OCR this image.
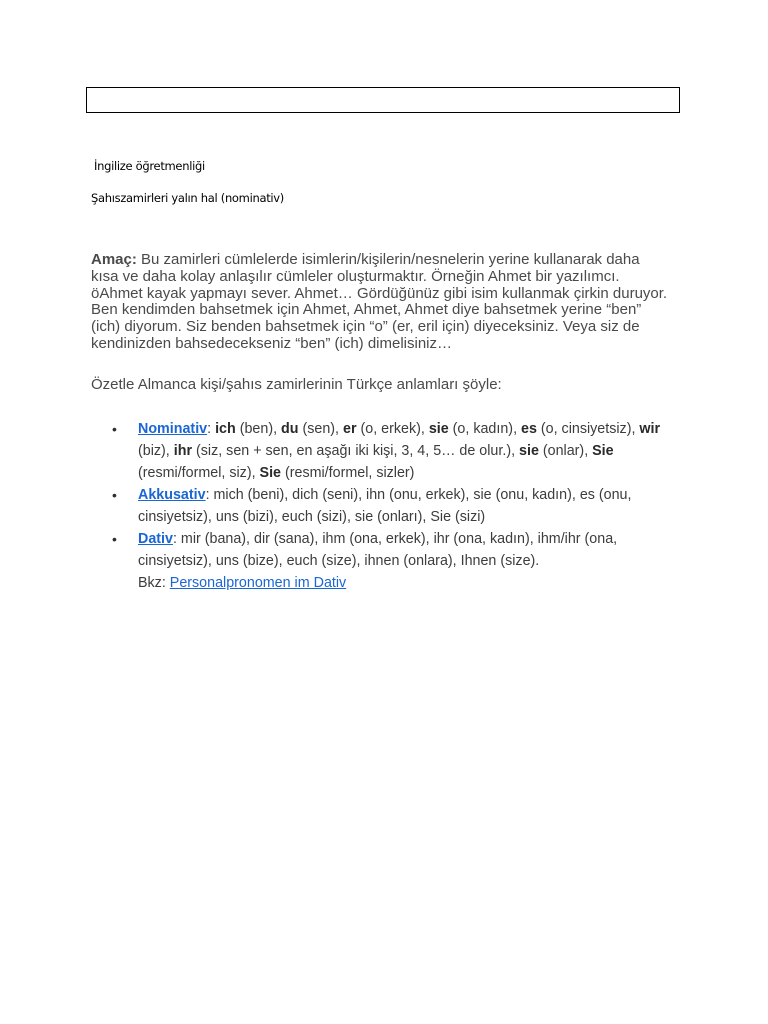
İngilize öğretmenliği
Şahıszamirleri yalın hal (nominativ)
Amaç: Bu zamirleri cümlelerde isimlerin/kişilerin/nesnelerin yerine kullanarak daha kısa ve daha kolay anlaşılır cümleler oluşturmaktır. Örneğin Ahmet bir yazılımcı. öAhmet kayak yapmayı sever. Ahmet… Gördüğünüz gibi isim kullanmak çirkin duruyor. Ben kendimden bahsetmek için Ahmet, Ahmet, Ahmet diye bahsetmek yerine “ben” (ich) diyorum. Siz benden bahsetmek için “o” (er, eril için) diyeceksiniz. Veya siz de kendinizden bahsedecekseniz “ben” (ich) dimelisiniz…
Özetle Almanca kişi/şahıs zamirlerinin Türkçe anlamları şöyle:
• Nominativ: ich (ben), du (sen), er (o, erkek), sie (o, kadın), es (o, cinsiyetsiz), wir (biz), ihr (siz, sen + sen, en aşağı iki kişi, 3, 4, 5… de olur.), sie (onlar), Sie (resmi/formel, siz), Sie (resmi/formel, sizler)
• Akkusativ: mich (beni), dich (seni), ihn (onu, erkek), sie (onu, kadın), es (onu, cinsiyetsiz), uns (bizi), euch (sizi), sie (onları), Sie (sizi)
• Dativ: mir (bana), dir (sana), ihm (ona, erkek), ihr (ona, kadın), ihm/ihr (ona, cinsiyetsiz), uns (bize), euch (size), ihnen (onlara), Ihnen (size).
Bkz: Personalpronomen im Dativ
